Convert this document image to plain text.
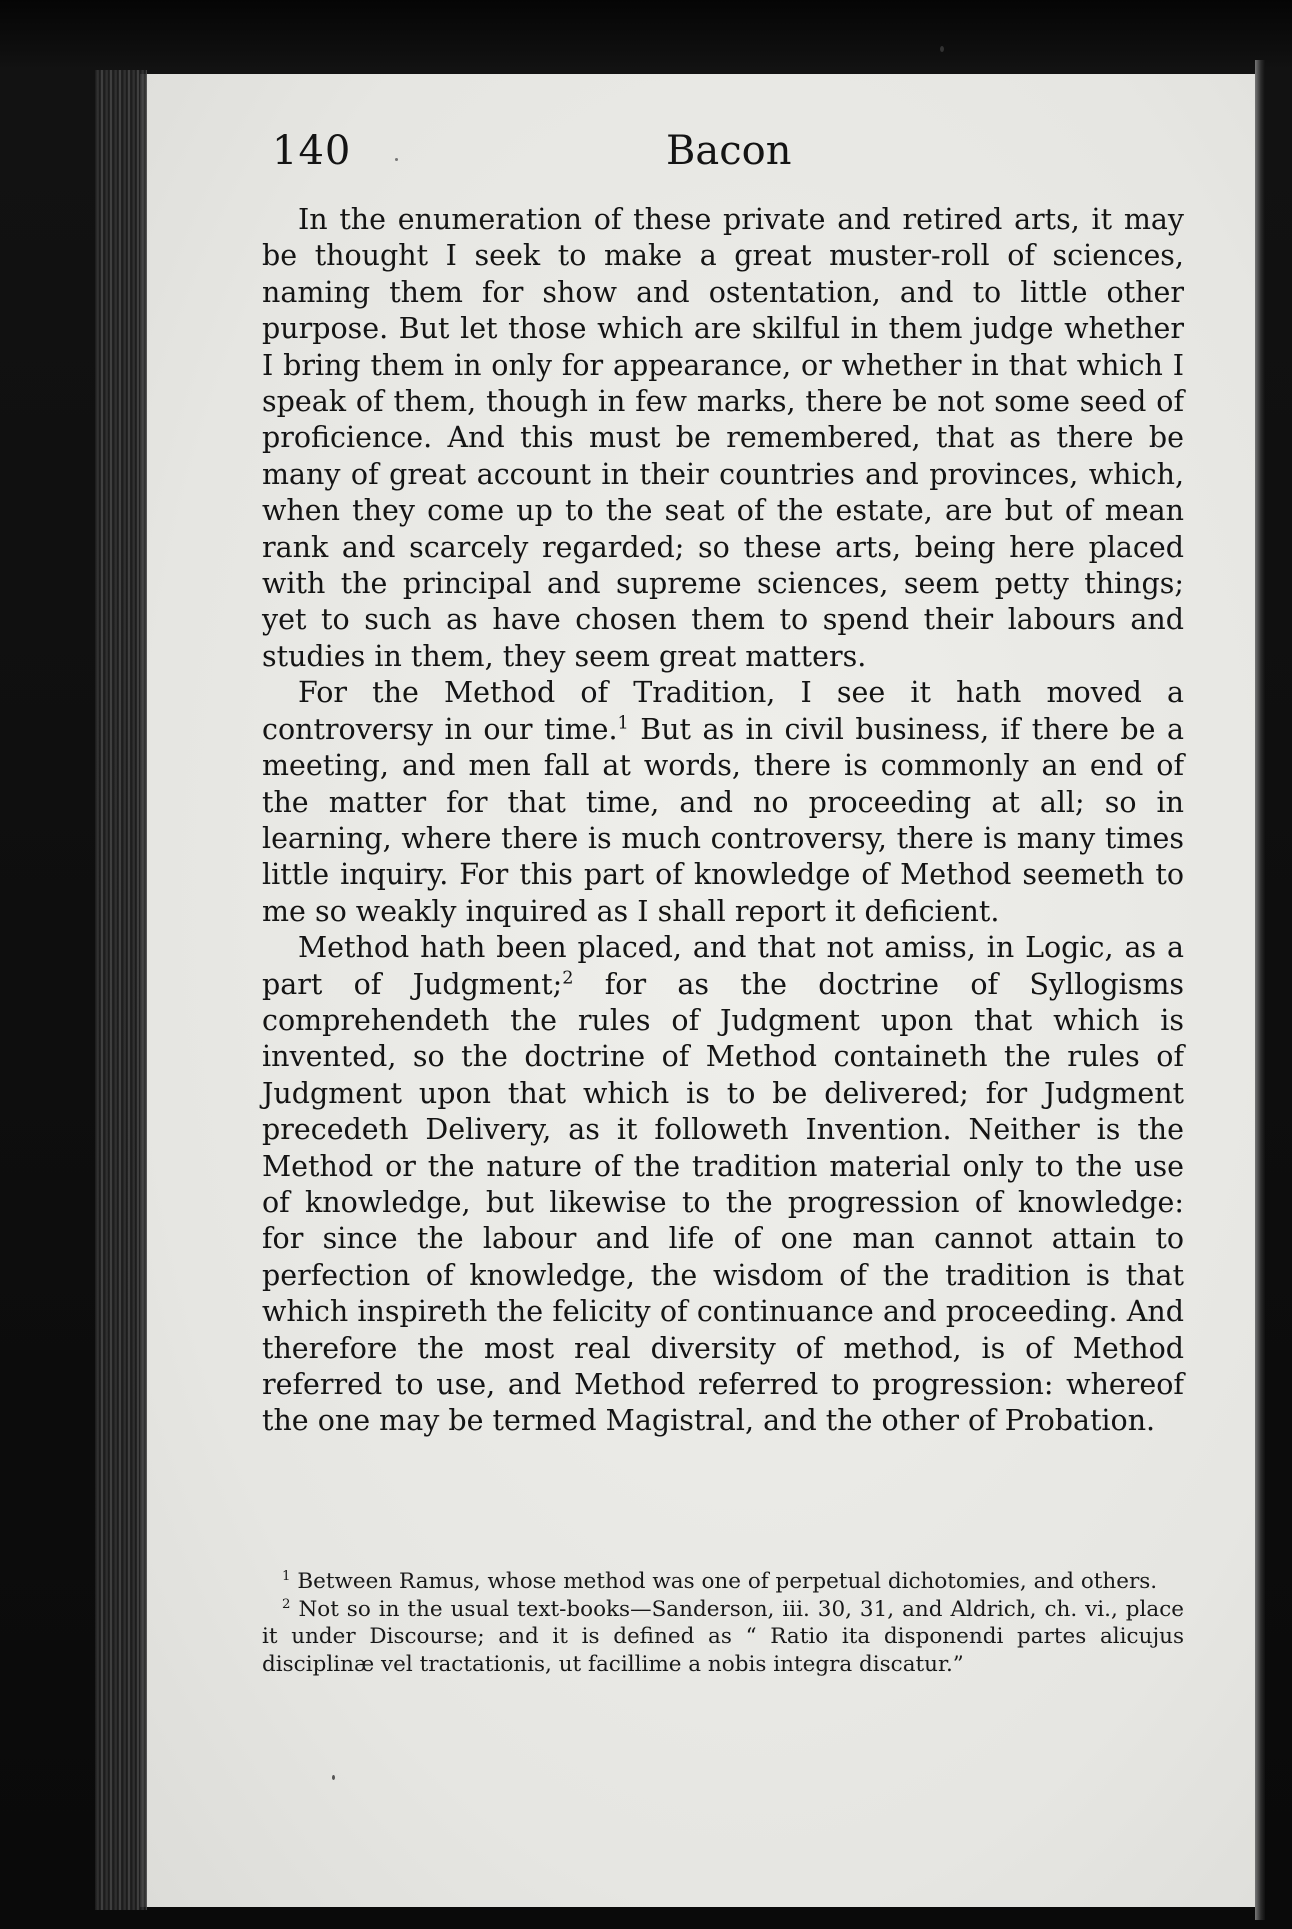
140	Bacon

In the enumeration of these private and retired arts, it may be thought I seek to make a great muster-roll of sciences, naming them for show and ostentation, and to little other purpose. But let those which are skilful in them judge whether I bring them in only for appearance, or whether in that which I speak of them, though in few marks, there be not some seed of proficience. And this must be remembered, that as there be many of great account in their countries and provinces, which, when they come up to the seat of the estate, are but of mean rank and scarcely regarded; so these arts, being here placed with the principal and supreme sciences, seem petty things; yet to such as have chosen them to spend their labours and studies in them, they seem great matters.

For the Method of Tradition, I see it hath moved a controversy in our time.$^1$ But as in civil business, if there be a meeting, and men fall at words, there is commonly an end of the matter for that time, and no proceeding at all; so in learning, where there is much controversy, there is many times little inquiry. For this part of knowledge of Method seemeth to me so weakly inquired as I shall report it deficient.

Method hath been placed, and that not amiss, in Logic, as a part of Judgment;$^2$ for as the doctrine of Syllogisms comprehendeth the rules of Judgment upon that which is invented, so the doctrine of Method containeth the rules of Judgment upon that which is to be delivered; for Judgment precedeth Delivery, as it followeth Invention. Neither is the Method or the nature of the tradition material only to the use of knowledge, but likewise to the progression of knowledge: for since the labour and life of one man cannot attain to perfection of knowledge, the wisdom of the tradition is that which inspireth the felicity of continuance and proceeding. And therefore the most real diversity of method, is of Method referred to use, and Method referred to progression: whereof the one may be termed Magistral, and the other of Probation.

$^1$ Between Ramus, whose method was one of perpetual dichotomies, and others.

$^2$ Not so in the usual text-books—Sanderson, iii. 30, 31, and Aldrich, ch. vi., place it under Discourse; and it is defined as “ Ratio ita disponendi partes alicujus disciplinæ vel tractationis, ut facillime a nobis integra discatur.”
